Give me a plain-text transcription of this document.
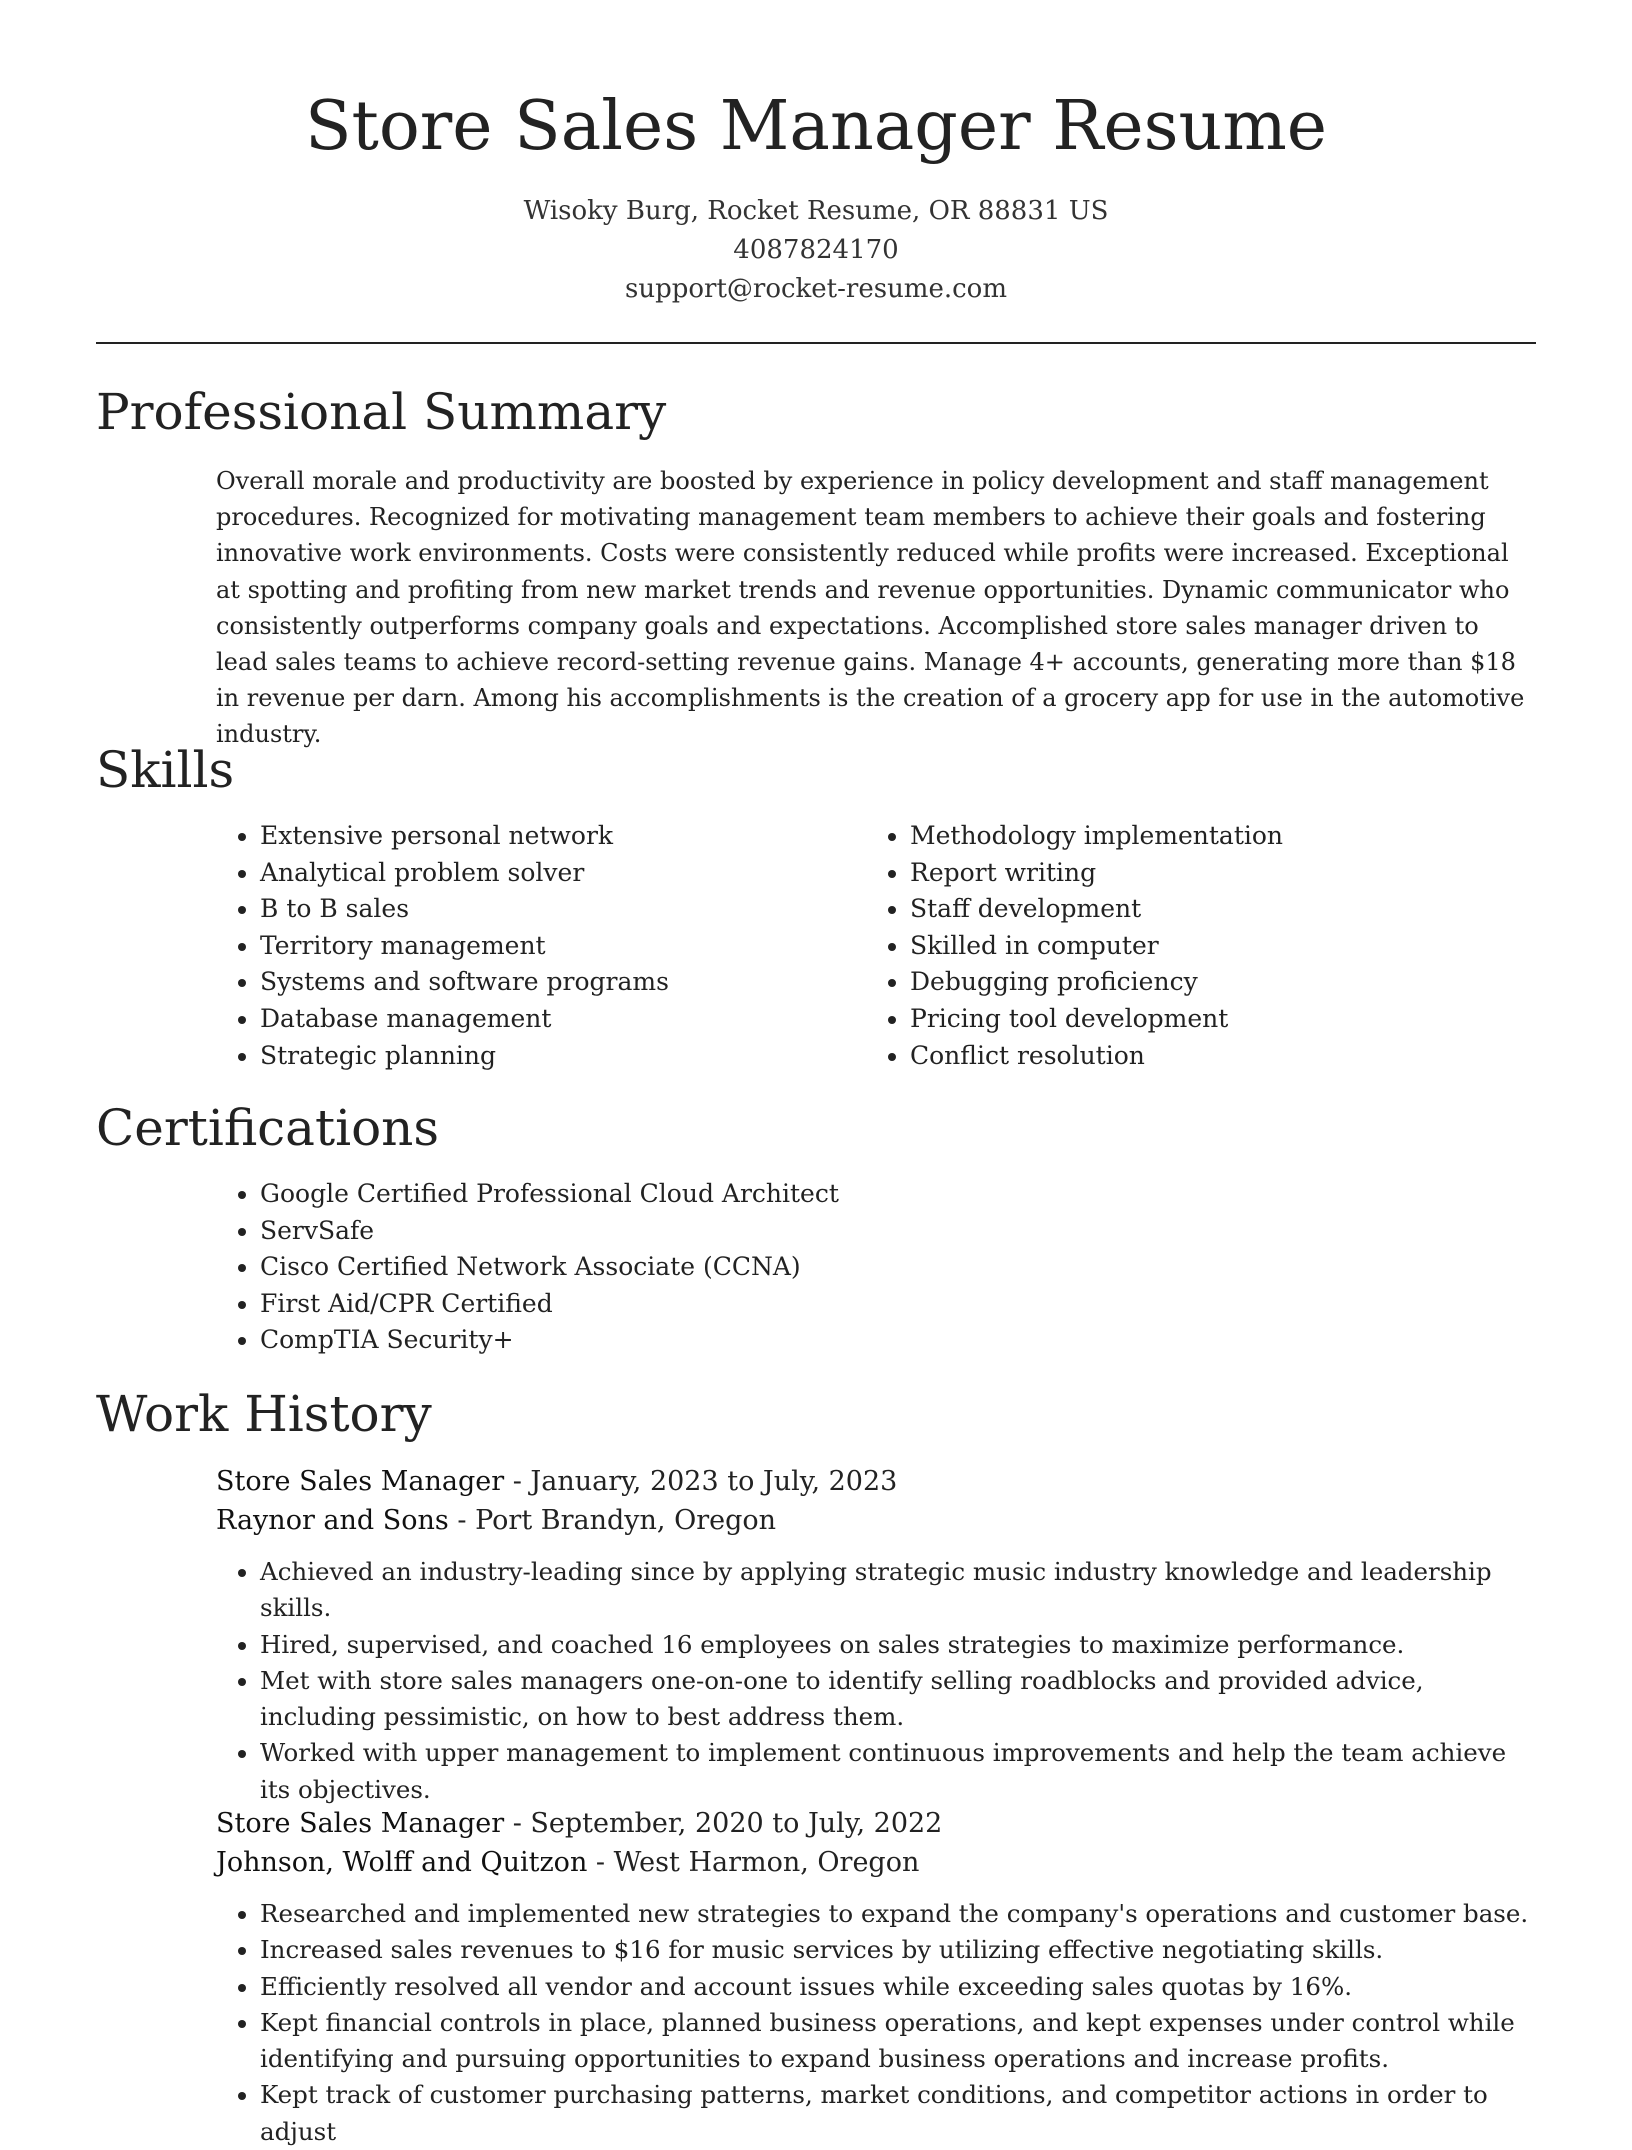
Store Sales Manager Resume

Wisoky Burg, Rocket Resume, OR 88831 US

4087824170

support@rocket-resume.com

Professional Summary

Overall morale and productivity are boosted by experience in policy development and staff management procedures. Recognized for motivating management team members to achieve their goals and fostering innovative work environments. Costs were consistently reduced while profits were increased. Exceptional at spotting and profiting from new market trends and revenue opportunities. Dynamic communicator who consistently outperforms company goals and expectations. Accomplished store sales manager driven to lead sales teams to achieve record-setting revenue gains. Manage 4+ accounts, generating more than $18 in revenue per darn. Among his accomplishments is the creation of a grocery app for use in the automotive industry.

Skills
• Extensive personal network
• Analytical problem solver
• B to B sales
• Territory management
• Systems and software programs
• Database management
• Strategic planning
• Methodology implementation
• Report writing
• Staff development
• Skilled in computer
• Debugging proficiency
• Pricing tool development
• Conflict resolution
Certifications
• Google Certified Professional Cloud Architect
• ServSafe
• Cisco Certified Network Associate (CCNA)
• First Aid/CPR Certified
• CompTIA Security+
Work History

Store Sales Manager - January, 2023 to July, 2023

Raynor and Sons - Port Brandyn, Oregon

• Achieved an industry-leading since by applying strategic music industry knowledge and leadership skills.
• Hired, supervised, and coached 16 employees on sales strategies to maximize performance.
• Met with store sales managers one-on-one to identify selling roadblocks and provided advice, including pessimistic, on how to best address them.
• Worked with upper management to implement continuous improvements and help the team achieve its objectives.

Store Sales Manager - September, 2020 to July, 2022

Johnson, Wolff and Quitzon - West Harmon, Oregon

• Researched and implemented new strategies to expand the company's operations and customer base.
• Increased sales revenues to $16 for music services by utilizing effective negotiating skills.
• Efficiently resolved all vendor and account issues while exceeding sales quotas by 16%.
• Kept financial controls in place, planned business operations, and kept expenses under control while identifying and pursuing opportunities to expand business operations and increase profits.
• Kept track of customer purchasing patterns, market conditions, and competitor actions in order to adjust
